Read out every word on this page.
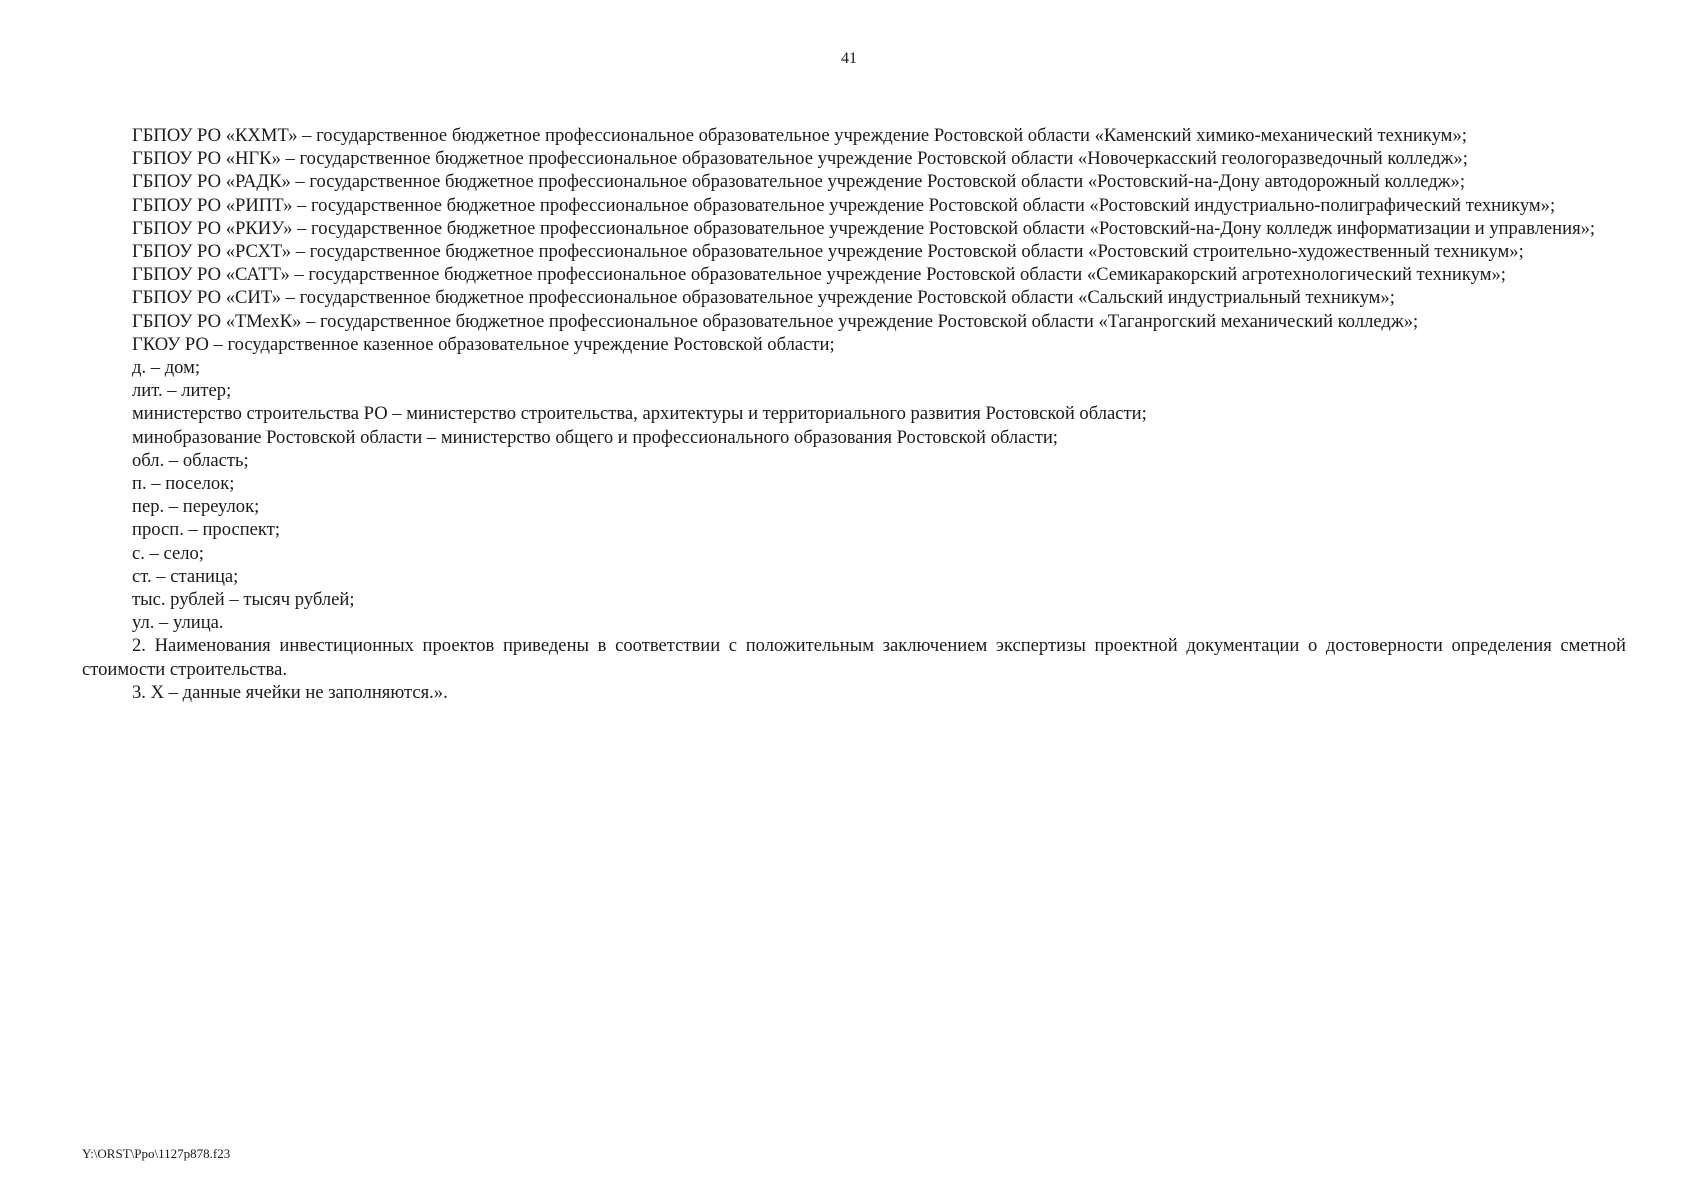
41

ГБПОУ РО «КХМТ» – государственное бюджетное профессиональное образовательное учреждение Ростовской области «Каменский химико-механический техникум»;

ГБПОУ РО «НГК» – государственное бюджетное профессиональное образовательное учреждение Ростовской области «Новочеркасский геологоразведочный колледж»;

ГБПОУ РО «РАДК» – государственное бюджетное профессиональное образовательное учреждение Ростовской области «Ростовский-на-Дону автодорожный колледж»;

ГБПОУ РО «РИПТ» – государственное бюджетное профессиональное образовательное учреждение Ростовской области «Ростовский индустриально-полиграфический техникум»;

ГБПОУ РО «РКИУ» – государственное бюджетное профессиональное образовательное учреждение Ростовской области «Ростовский-на-Дону колледж информатизации и управления»;

ГБПОУ РО «РСХТ» – государственное бюджетное профессиональное образовательное учреждение Ростовской области «Ростовский строительно-художественный техникум»;

ГБПОУ РО «САТТ» – государственное бюджетное профессиональное образовательное учреждение Ростовской области «Семикаракорский агротехнологический техникум»;

ГБПОУ РО «СИТ» – государственное бюджетное профессиональное образовательное учреждение Ростовской области «Сальский индустриальный техникум»;

ГБПОУ РО «ТМехК» – государственное бюджетное профессиональное образовательное учреждение Ростовской области «Таганрогский механический колледж»;

ГКОУ РО – государственное казенное образовательное учреждение Ростовской области;

д. – дом;

лит. – литер;

министерство строительства РО – министерство строительства, архитектуры и территориального развития Ростовской области;

минобразование Ростовской области – министерство общего и профессионального образования Ростовской области;

обл. – область;

п. – поселок;

пер. – переулок;

просп. – проспект;

с. – село;

ст. – станица;

тыс. рублей – тысяч рублей;

ул. – улица.

2. Наименования инвестиционных проектов приведены в соответствии с положительным заключением экспертизы проектной документации о достоверности определения сметной стоимости строительства.

3. Х – данные ячейки не заполняются.».

Y:\ORST\Ppo\1127p878.f23
